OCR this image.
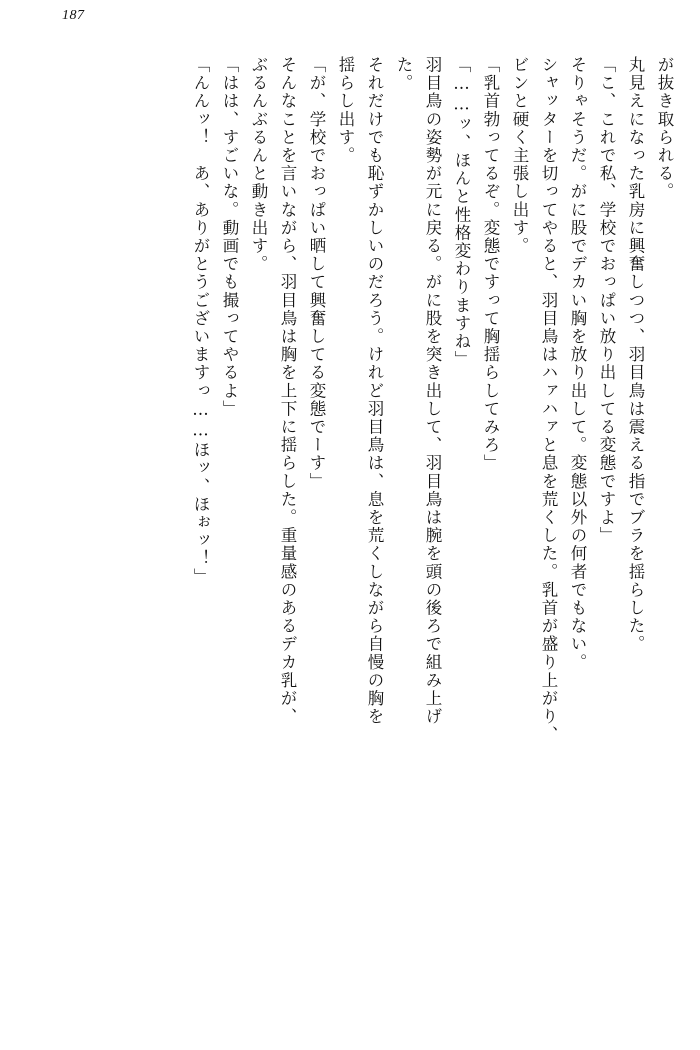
187
が抜き取られる。
丸見えになった乳房に興奮しつつ、羽目鳥は震える指でブラを揺らした。
「こ、これで私、学校でおっぱい放り出してる変態ですよ」
そりゃそうだ。がに股でデカい胸を放り出して。変態以外の何者でもない。
シャッターを切ってやると、羽目鳥はハァハァと息を荒くした。乳首が盛り上がり、
ビンと硬く主張し出す。
「乳首勃ってるぞ。変態ですって胸揺らしてみろ」
「……ッ、ほんと性格変わりますね」
羽目鳥の姿勢が元に戻る。がに股を突き出して、羽目鳥は腕を頭の後ろで組み上げ
た。
それだけでも恥ずかしいのだろう。けれど羽目鳥は、息を荒くしながら自慢の胸を
揺らし出す。
「が、学校でおっぱい晒して興奮してる変態でーす」
そんなことを言いながら、羽目鳥は胸を上下に揺らした。重量感のあるデカ乳が、
ぶるんぶるんと動き出す。
「はは、すごいな。動画でも撮ってやるよ」
「んんッ！　あ、ありがとうございますっ……ほッ、ほぉッ！」
